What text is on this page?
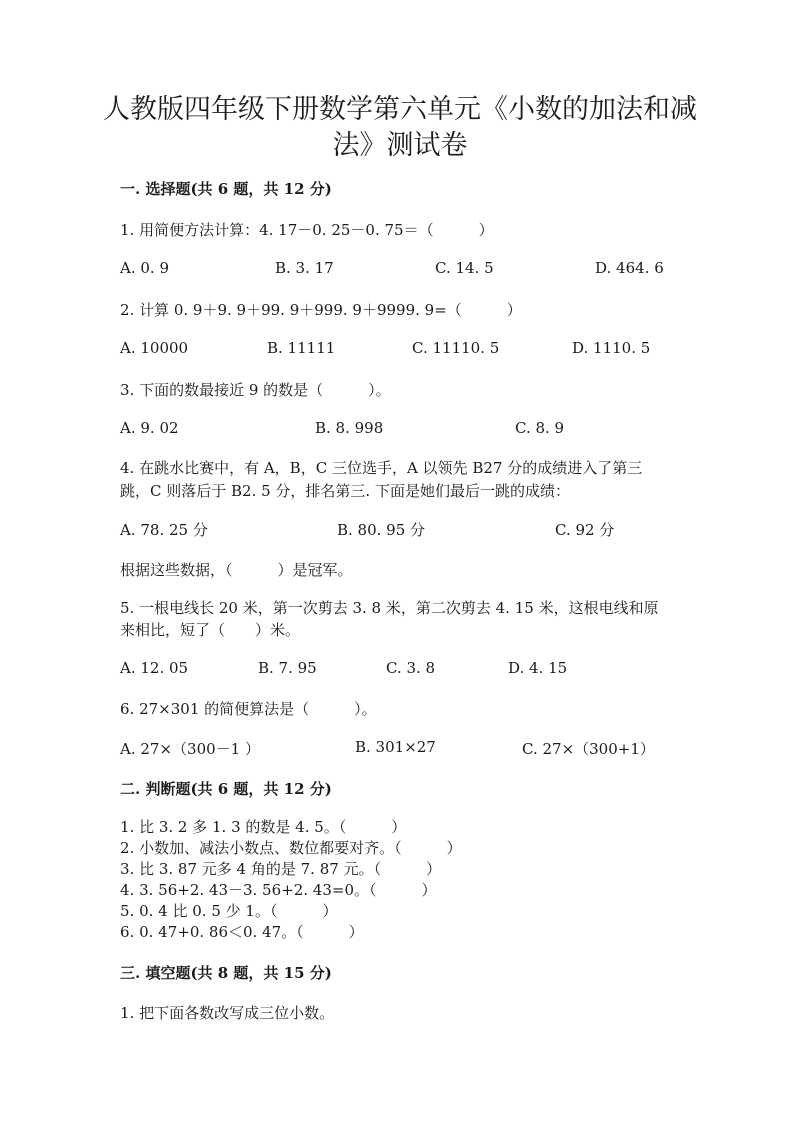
人教版四年级下册数学第六单元《小数的加法和减
法》测试卷
一. 选择题(共 6 题，共 12 分)
1. 用简便方法计算：4. 17－0. 25－0. 75＝（　　　）
A. 0. 9	B. 3. 17	C. 14. 5	D. 464. 6
2. 计算 0. 9＋9. 9＋99. 9＋999. 9＋9999. 9=（　　　）
A. 10000	B. 11111	C. 11110. 5	D. 1110. 5
3. 下面的数最接近 9 的数是（　　　）。
A. 9. 02	B. 8. 998	C. 8. 9
4. 在跳水比赛中，有 A，B，C 三位选手，A 以领先 B27 分的成绩进入了第三
跳，C 则落后于 B2. 5 分，排名第三. 下面是她们最后一跳的成绩：
A. 78. 25 分	B. 80. 95 分	C. 92 分
根据这些数据，（　　　）是冠军。
5. 一根电线长 20 米，第一次剪去 3. 8 米，第二次剪去 4. 15 米，这根电线和原
来相比，短了（　　）米。
A. 12. 05	B. 7. 95	C. 3. 8	D. 4. 15
6. 27×301 的简便算法是（　　　）。
A. 27×（300－1 ）	B. 301×27	C. 27×（300+1）
二. 判断题(共 6 题，共 12 分)
1. 比 3. 2 多 1. 3 的数是 4. 5。（　　　）
2. 小数加、减法小数点、数位都要对齐。（　　　）
3. 比 3. 87 元多 4 角的是 7. 87 元。（　　　）
4. 3. 56+2. 43－3. 56+2. 43=0。（　　　）
5. 0. 4 比 0. 5 少 1。（　　　）
6. 0. 47+0. 86＜0. 47。（　　　）
三. 填空题(共 8 题，共 15 分)
1. 把下面各数改写成三位小数。
